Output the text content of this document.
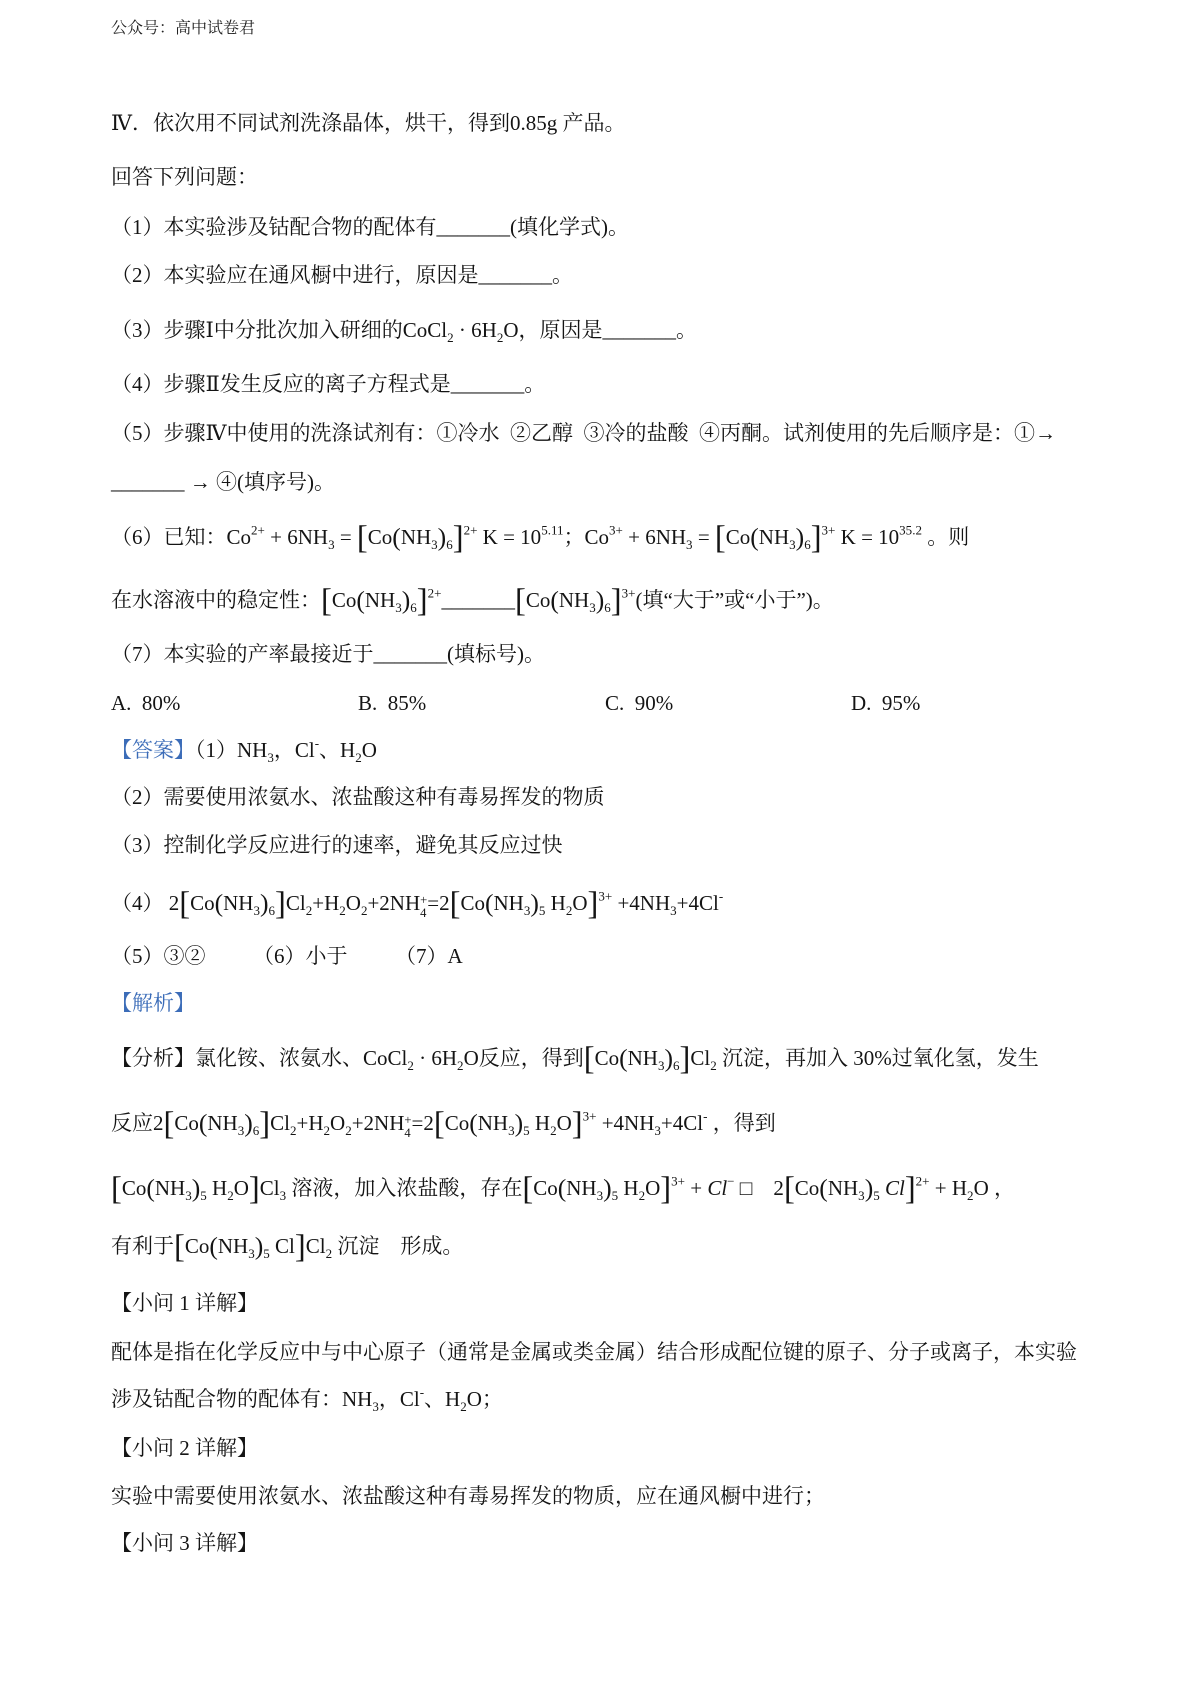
公众号：高中试卷君
Ⅳ．依次用不同试剂洗涤晶体，烘干，得到0.85g 产品。
回答下列问题：
（1）本实验涉及钴配合物的配体有_______(填化学式)。
（2）本实验应在通风橱中进行，原因是_______。
（3）步骤Ⅰ中分批次加入研细的CoCl$_2$ · $6H_2O$，原因是_______。
（4）步骤Ⅱ发生反应的离子方程式是_______。
（5）步骤Ⅳ中使用的洗涤试剂有：①冷水  ②乙醇  ③冷的盐酸  ④丙酮。试剂使用的先后顺序是：①→
_______ → ④(填序号)。
（6）已知：$Co^{2+} + 6NH_3 = [Co(NH_3)_6]^{2+}$ $K = 10^{5.11}$；$Co^{3+} + 6NH_3 = [Co(NH_3)_6]^{3+}$ $K = 10^{35.2}$ 。则
在水溶液中的稳定性：$[Co(NH_3)_6]^{2+}\_\_\_\_\_\_\_[Co(NH_3)_6]^{3+}$(填“大于”或“小于”)。
（7）本实验的产率最接近于_______(填标号)。
A. 80%	B. 85%	C. 90%	D. 95%
【答案】$(1)NH_3$，Cl-、$H_2O$
（2）需要使用浓氨水、浓盐酸这种有毒易挥发的物质
（3）控制化学反应进行的速率，避免其反应过快
（4） $2[Co(NH_3)_6]Cl_2+H_2O_2+2NH$ +
$4 =2[Co(NH_3)_5$ $H_2O]^{3+} +4NH_3+4Cl^-$
（5）③② （6）小于 （7）A
【解析】
【分析】氯化铵、浓氨水、CoCl$_2$ · $6H_2O$反应，得到$[Co(NH_3)_6]Cl_2$ 沉淀，再加入 30%过氧化氢，发生
反应$2[Co(NH_3)_6]Cl_2+H_2O_2+2NH$ +
$4 =2[Co(NH_3)_5$ $H_2O]^{3+} +4NH_3+4Cl^-$ ，得到
[$Co(NH_3)_5$ $H_2O]Cl_3$ 溶液，加入浓盐酸，存在[$Co(NH_3)_5$ $H_2O]^{3+} + Cl^-$ □    $2[Co(NH_3)_5$ $Cl]^{2+} + H_2O$ ，
有利于[$Co(NH_3)_5$ $Cl]Cl_2$ 沉淀    形成。
【小问 1 详解】
配体是指在化学反应中与中心原子（通常是金属或类金属）结合形成配位键的原子、分子或离子，本实验
涉及钴配合物的配体有：$NH_3$，Cl-、$H_2O$；
【小问 2 详解】
实验中需要使用浓氨水、浓盐酸这种有毒易挥发的物质，应在通风橱中进行；
【小问 3 详解】
